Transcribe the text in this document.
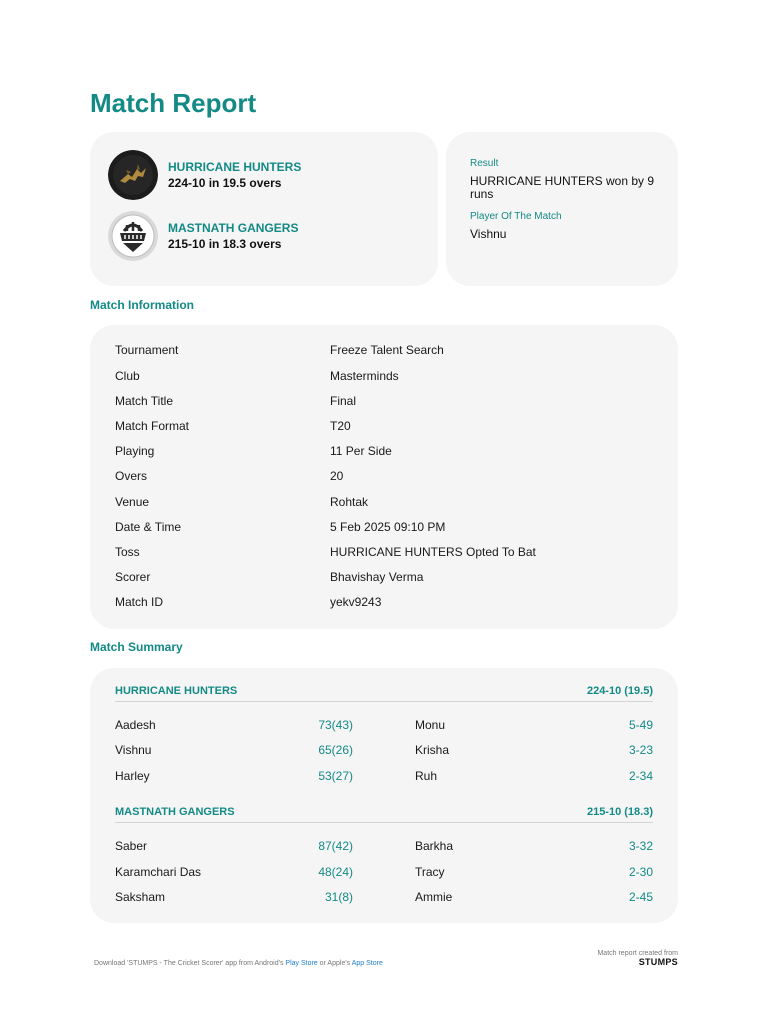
Match Report
HURRICANE HUNTERS
224-10 in 19.5 overs
MASTNATH GANGERS
215-10 in 18.3 overs
Result
HURRICANE HUNTERS won by 9 runs
Player Of The Match
Vishnu
Match Information
Tournament	Freeze Talent Search
Club	Masterminds
Match Title	Final
Match Format	T20
Playing	11 Per Side
Overs	20
Venue	Rohtak
Date & Time	5 Feb 2025 09:10 PM
Toss	HURRICANE HUNTERS Opted To Bat
Scorer	Bhavishay Verma
Match ID	yekv9243
Match Summary
HURRICANE HUNTERS	224-10 (19.5)
Aadesh	73(43)	Monu	5-49
Vishnu	65(26)	Krisha	3-23
Harley	53(27)	Ruh	2-34
MASTNATH GANGERS	215-10 (18.3)
Saber	87(42)	Barkha	3-32
Karamchari Das	48(24)	Tracy	2-30
Saksham	31(8)	Ammie	2-45
Download 'STUMPS - The Cricket Scorer' app from Android's Play Store or Apple's App Store
Match report created from
STUMPS
